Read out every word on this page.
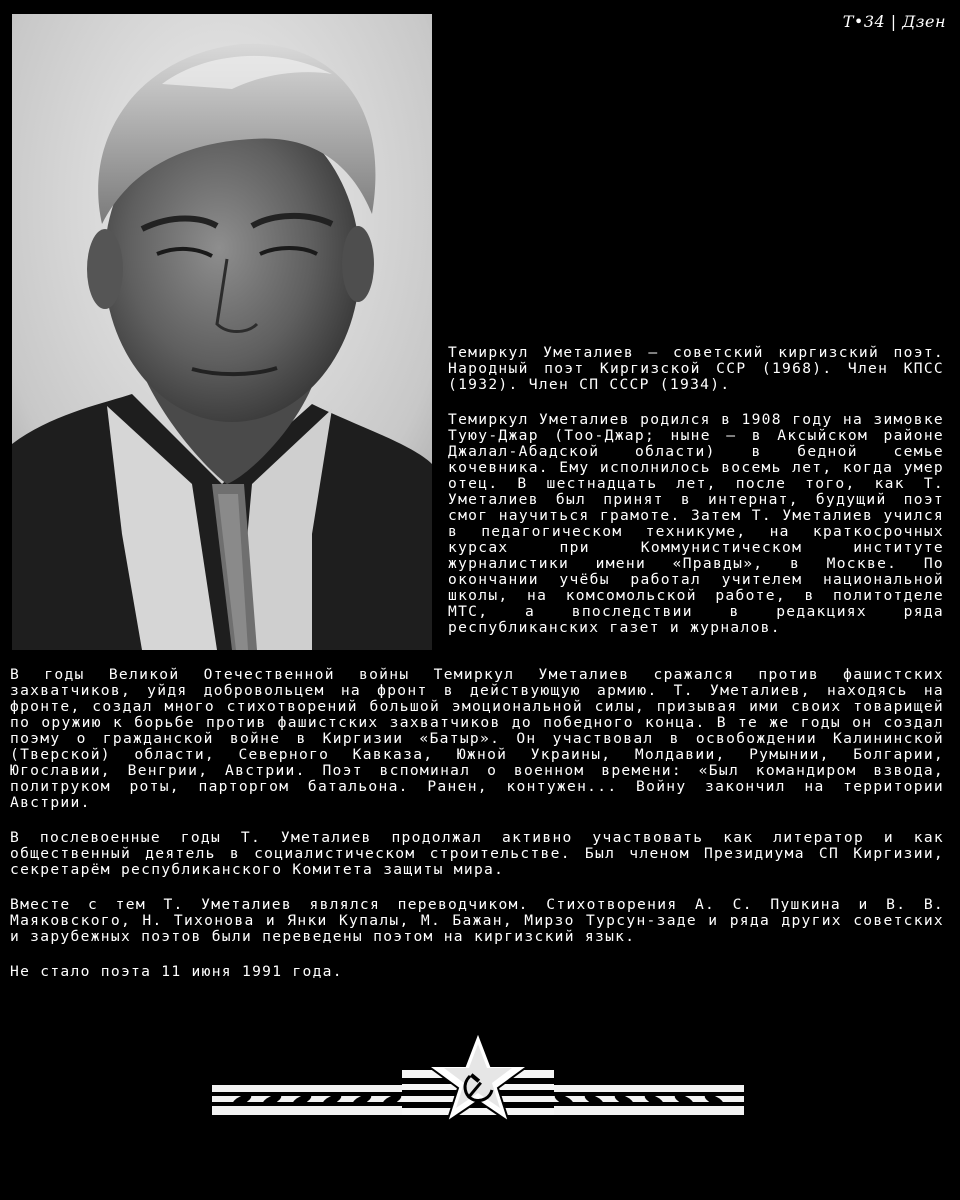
Т•34 | Дзен

Темиркул Уметалиев — советский киргизский поэт. Народный поэт Киргизской ССР (1968). Член КПСС (1932). Член СП СССР (1934).

Темиркул Уметалиев родился в 1908 году на зимовке Туюу-Джар (Тоо-Джар; ныне — в Аксыйском районе Джалал-Абадской области) в бедной семье кочевника. Ему исполнилось восемь лет, когда умер отец. В шестнадцать лет, после того, как Т. Уметалиев был принят в интернат, будущий поэт смог научиться грамоте. Затем Т. Уметалиев учился в педагогическом техникуме, на краткосрочных курсах при Коммунистическом институте журналистики имени «Правды», в Москве. По окончании учёбы работал учителем национальной школы, на комсомольской работе, в политотделе МТС, а впоследствии в редакциях ряда республиканских газет и журналов.

В годы Великой Отечественной войны Темиркул Уметалиев сражался против фашистских захватчиков, уйдя добровольцем на фронт в действующую армию. Т. Уметалиев, находясь на фронте, создал много стихотворений большой эмоциональной силы, призывая ими своих товарищей по оружию к борьбе против фашистских захватчиков до победного конца. В те же годы он создал поэму о гражданской войне в Киргизии «Батыр». Он участвовал в освобождении Калининской (Тверской) области, Северного Кавказа, Южной Украины, Молдавии, Румынии, Болгарии, Югославии, Венгрии, Австрии. Поэт вспоминал о военном времени: «Был командиром взвода, политруком роты, парторгом батальона. Ранен, контужен... Войну закончил на территории Австрии.

В послевоенные годы Т. Уметалиев продолжал активно участвовать как литератор и как общественный деятель в социалистическом строительстве. Был членом Президиума СП Киргизии, секретарём республиканского Комитета защиты мира.

Вместе с тем Т. Уметалиев являлся переводчиком. Стихотворения А. С. Пушкина и В. В. Маяковского, Н. Тихонова и Янки Купалы, М. Бажан, Мирзо Турсун-заде и ряда других советских и зарубежных поэтов были переведены поэтом на киргизский язык.

Не стало поэта 11 июня 1991 года.
